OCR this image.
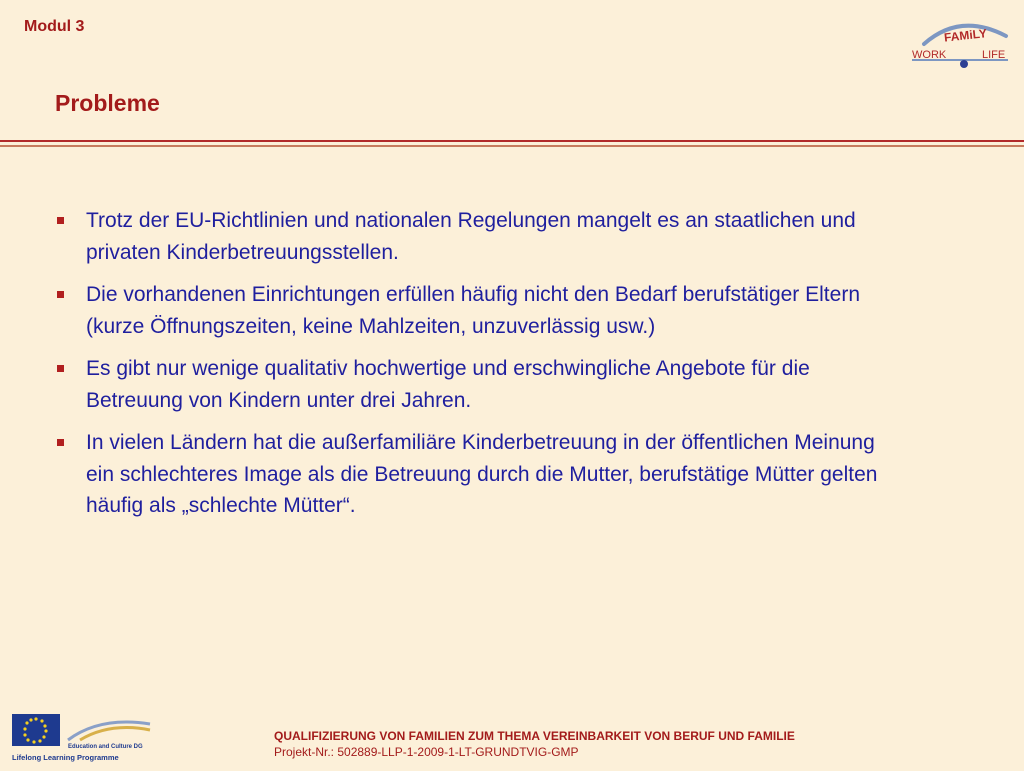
Modul 3	FAMiLY
WORK	LIFE
Probleme
Trotz der EU-Richtlinien und nationalen Regelungen mangelt es an staatlichen und privaten Kinderbetreuungsstellen.
Die vorhandenen Einrichtungen erfüllen häufig nicht den Bedarf berufstätiger Eltern (kurze Öffnungszeiten, keine Mahlzeiten, unzuverlässig usw.)
Es gibt nur wenige qualitativ hochwertige und erschwingliche Angebote für die Betreuung von Kindern unter drei Jahren.
In vielen Ländern hat die außerfamiliäre Kinderbetreuung in der öffentlichen Meinung ein schlechteres Image als die Betreuung durch die Mutter, berufstätige Mütter gelten häufig als „schlechte Mütter“.
Education and Culture DG
Lifelong Learning Programme
QUALIFIZIERUNG VON FAMILIEN ZUM THEMA VEREINBARKEIT VON BERUF UND FAMILIE
Projekt-Nr.: 502889-LLP-1-2009-1-LT-GRUNDTVIG-GMP
